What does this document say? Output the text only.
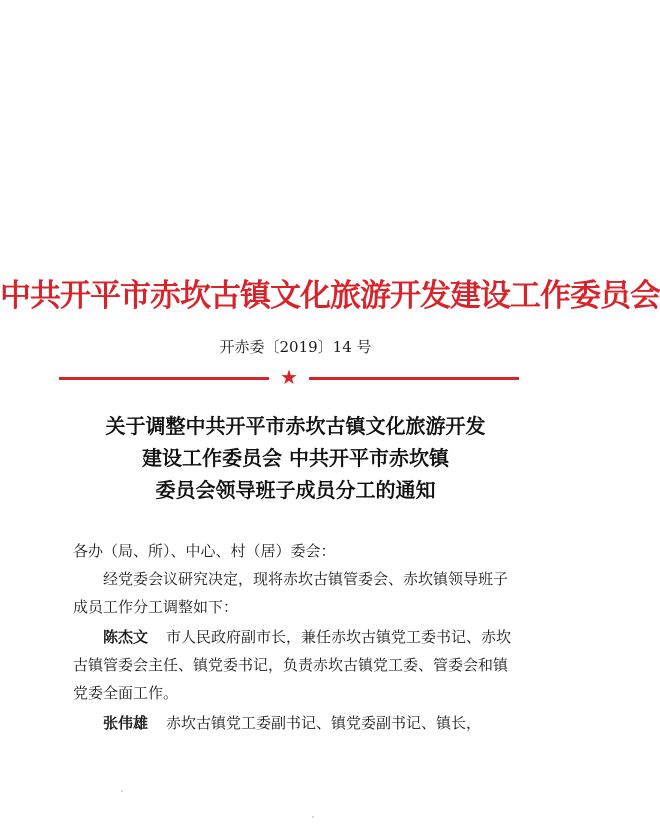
中共开平市赤坎古镇文化旅游开发建设工作委员会
开赤委〔2019〕14 号
★
关于调整中共开平市赤坎古镇文化旅游开发
建设工作委员会 中共开平市赤坎镇
委员会领导班子成员分工的通知

各办（局、所）、中心、村（居）委会：

经党委会议研究决定，现将赤坎古镇管委会、赤坎镇领导班子成员工作分工调整如下：

陈杰文 市人民政府副市长，兼任赤坎古镇党工委书记、赤坎古镇管委会主任、镇党委书记，负责赤坎古镇党工委、管委会和镇党委全面工作。

张伟雄 赤坎古镇党工委副书记、镇党委副书记、镇长，
